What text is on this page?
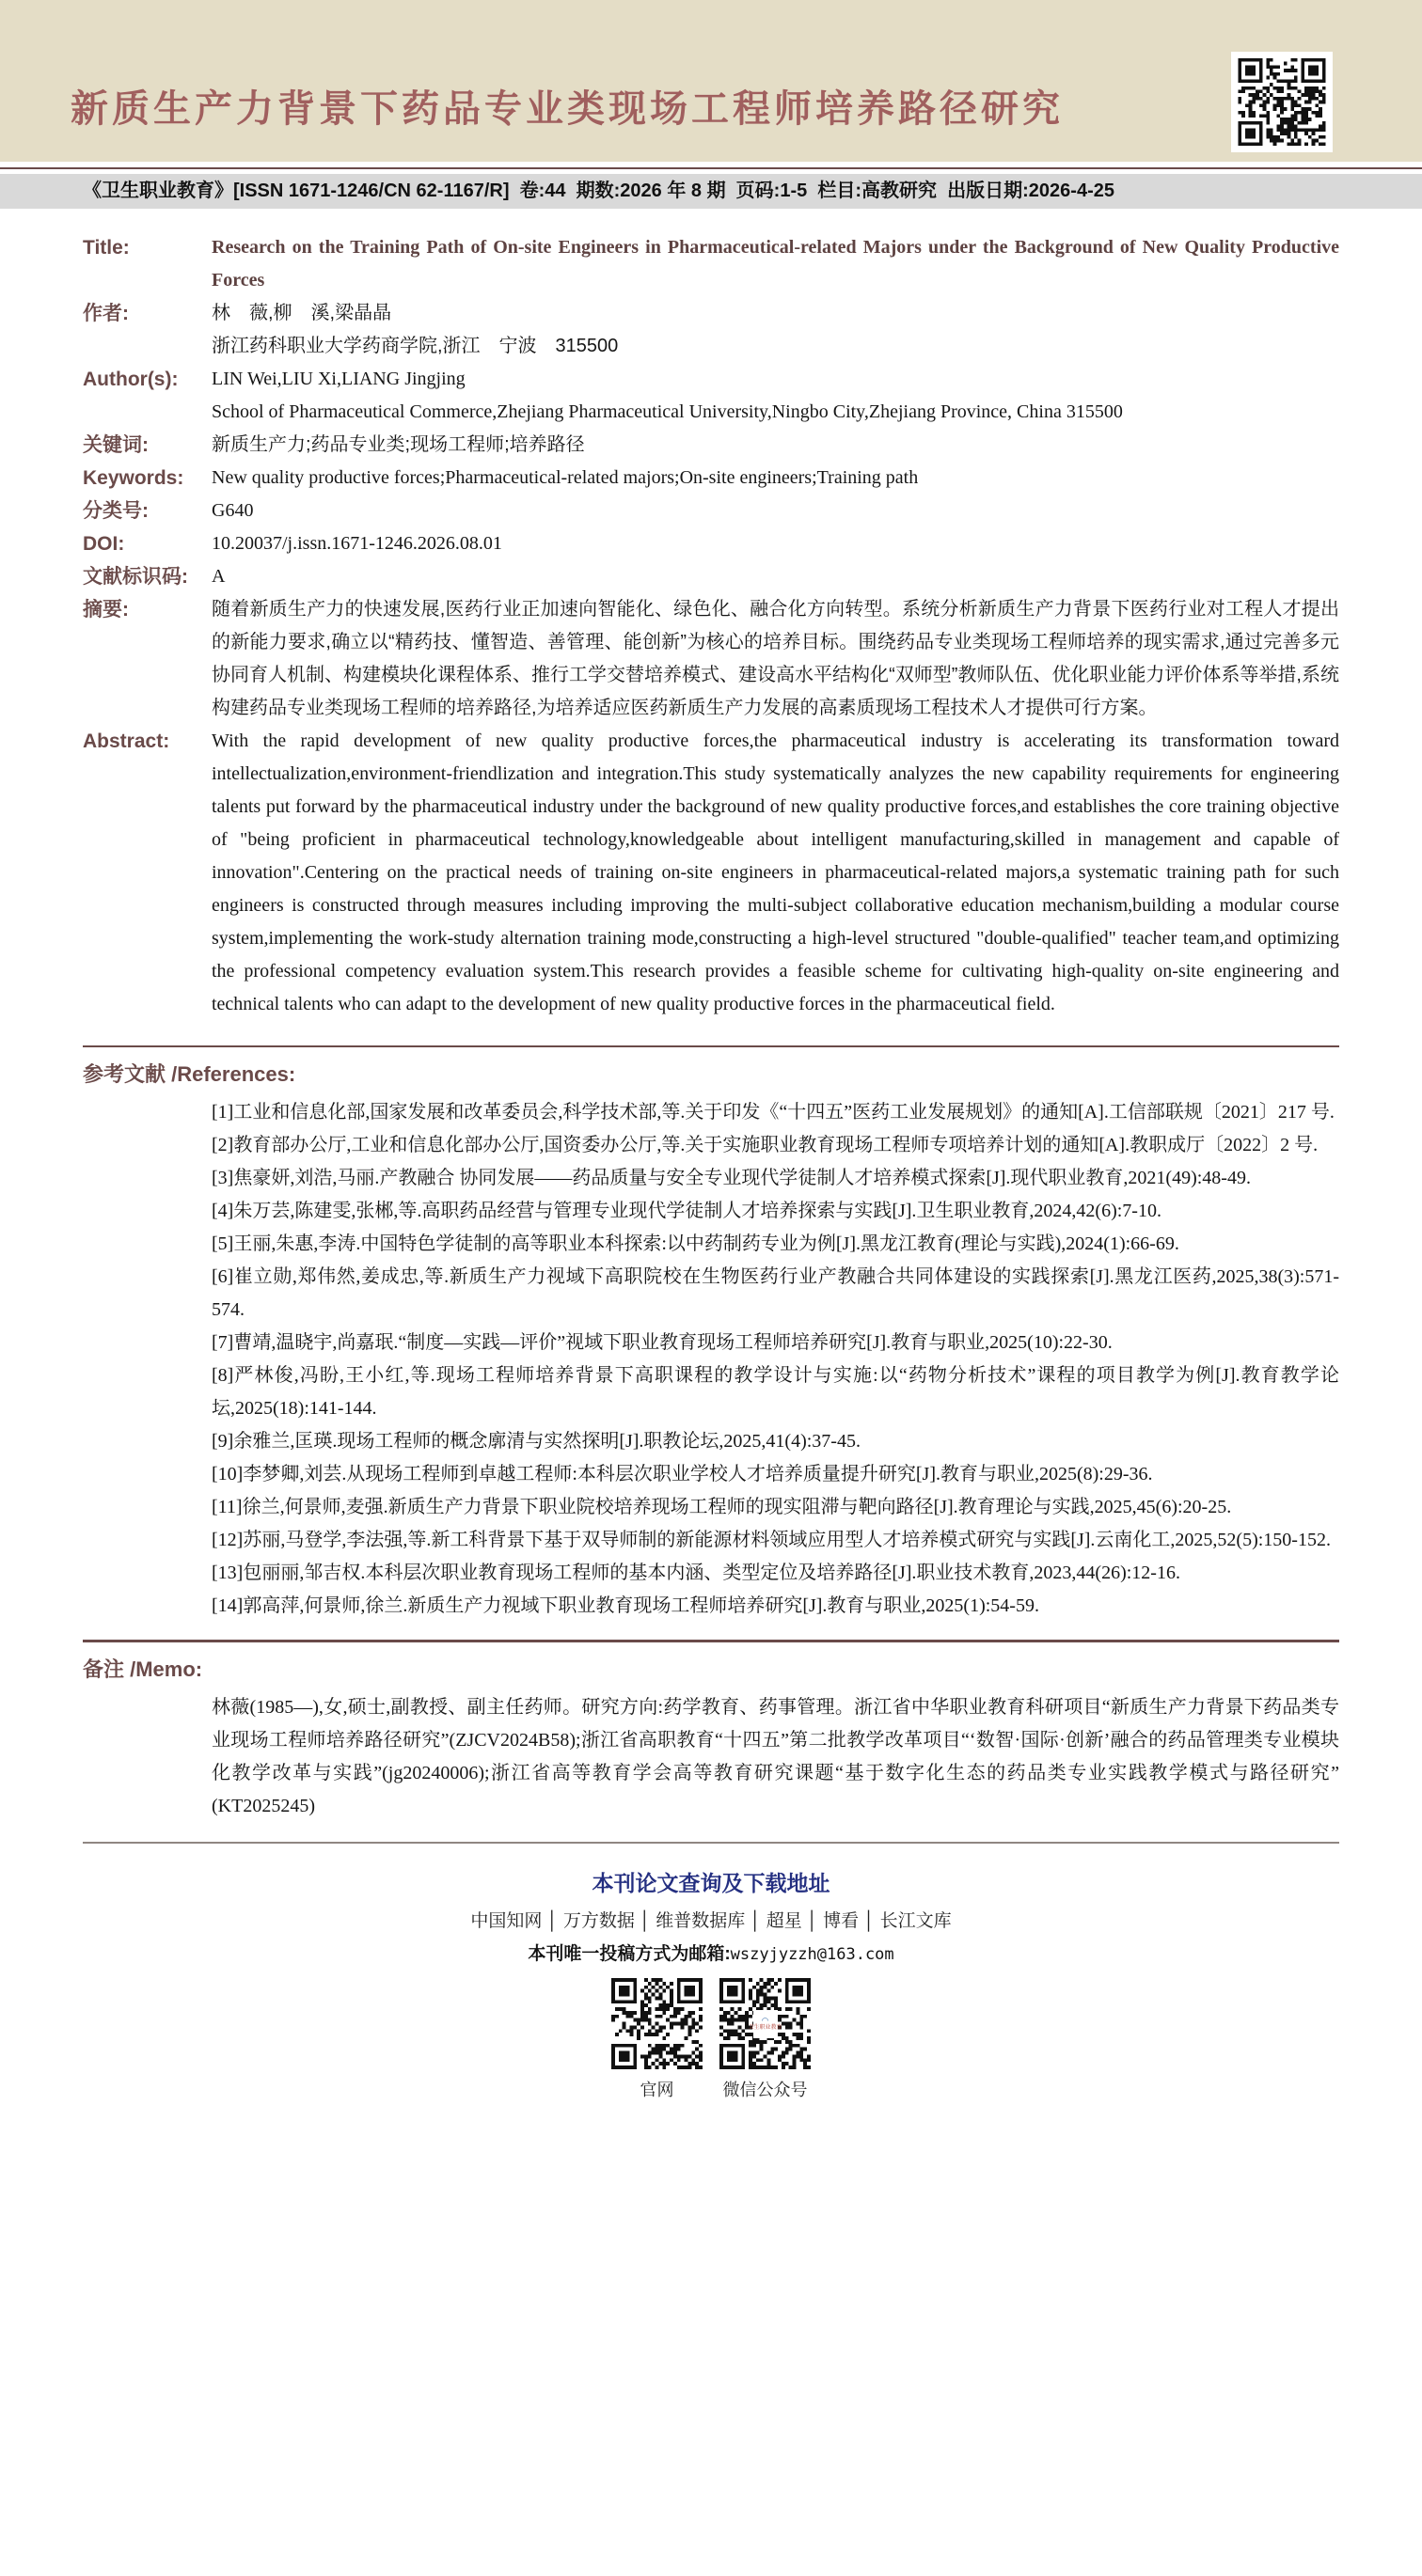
新质生产力背景下药品专业类现场工程师培养路径研究
《卫生职业教育》[ISSN 1671-1246/CN 62-1167/R]  卷:44  期数:2026 年 8 期  页码:1-5  栏目:高教研究  出版日期:2026-4-25
Title:	Research on the Training Path of On-site Engineers in Pharmaceutical-related Majors under the Background of New Quality Productive Forces
作者:	林　薇,柳　溪,梁晶晶

浙江药科职业大学药商学院,浙江　宁波　315500

Author(s):	LIN Wei,LIU Xi,LIANG Jingjing

School of Pharmaceutical Commerce,Zhejiang Pharmaceutical University,Ningbo City,Zhejiang Province, China 315500

关键词:	新质生产力;药品专业类;现场工程师;培养路径
Keywords:	New quality productive forces;Pharmaceutical-related majors;On-site engineers;Training path
分类号:	G640
DOI:	10.20037/j.issn.1671-1246.2026.08.01
文献标识码:	A
摘要:	随着新质生产力的快速发展,医药行业正加速向智能化、绿色化、融合化方向转型。系统分析新质生产力背景下医药行业对工程人才提出的新能力要求,确立以“精药技、懂智造、善管理、能创新”为核心的培养目标。围绕药品专业类现场工程师培养的现实需求,通过完善多元协同育人机制、构建模块化课程体系、推行工学交替培养模式、建设高水平结构化“双师型”教师队伍、优化职业能力评价体系等举措,系统构建药品专业类现场工程师的培养路径,为培养适应医药新质生产力发展的高素质现场工程技术人才提供可行方案。
Abstract:	With the rapid development of new quality productive forces,the pharmaceutical industry is accelerating its transformation toward intellectualization,environment-friendlization and integration.This study systematically analyzes the new capability requirements for engineering talents put forward by the pharmaceutical industry under the background of new quality productive forces,and establishes the core training objective of "being proficient in pharmaceutical technology,knowledgeable about intelligent manufacturing,skilled in management and capable of innovation".Centering on the practical needs of training on-site engineers in pharmaceutical-related majors,a systematic training path for such engineers is constructed through measures including improving the multi-subject collaborative education mechanism,building a modular course system,implementing the work-study alternation training mode,constructing a high-level structured "double-qualified" teacher team,and optimizing the professional competency evaluation system.This research provides a feasible scheme for cultivating high-quality on-site engineering and technical talents who can adapt to the development of new quality productive forces in the pharmaceutical field.
参考文献 /References:

[1]工业和信息化部,国家发展和改革委员会,科学技术部,等.关于印发《“十四五”医药工业发展规划》的通知[A].工信部联规〔2021〕217 号.

[2]教育部办公厅,工业和信息化部办公厅,国资委办公厅,等.关于实施职业教育现场工程师专项培养计划的通知[A].教职成厅〔2022〕2 号.

[3]焦豪妍,刘浩,马丽.产教融合 协同发展——药品质量与安全专业现代学徒制人才培养模式探索[J].现代职业教育,2021(49):48-49.

[4]朱万芸,陈建雯,张郴,等.高职药品经营与管理专业现代学徒制人才培养探索与实践[J].卫生职业教育,2024,42(6):7-10.

[5]王丽,朱惠,李涛.中国特色学徒制的高等职业本科探索:以中药制药专业为例[J].黑龙江教育(理论与实践),2024(1):66-69.

[6]崔立勋,郑伟然,姜成忠,等.新质生产力视域下高职院校在生物医药行业产教融合共同体建设的实践探索[J].黑龙江医药,2025,38(3):571-574.

[7]曹靖,温晓宇,尚嘉珉.“制度—实践—评价”视域下职业教育现场工程师培养研究[J].教育与职业,2025(10):22-30.

[8]严林俊,冯盼,王小红,等.现场工程师培养背景下高职课程的教学设计与实施:以“药物分析技术”课程的项目教学为例[J].教育教学论坛,2025(18):141-144.

[9]余雅兰,匡瑛.现场工程师的概念廓清与实然探明[J].职教论坛,2025,41(4):37-45.

[10]李梦卿,刘芸.从现场工程师到卓越工程师:本科层次职业学校人才培养质量提升研究[J].教育与职业,2025(8):29-36.

[11]徐兰,何景师,麦强.新质生产力背景下职业院校培养现场工程师的现实阻滞与靶向路径[J].教育理论与实践,2025,45(6):20-25.

[12]苏丽,马登学,李法强,等.新工科背景下基于双导师制的新能源材料领域应用型人才培养模式研究与实践[J].云南化工,2025,52(5):150-152.

[13]包丽丽,邹吉权.本科层次职业教育现场工程师的基本内涵、类型定位及培养路径[J].职业技术教育,2023,44(26):12-16.

[14]郭高萍,何景师,徐兰.新质生产力视域下职业教育现场工程师培养研究[J].教育与职业,2025(1):54-59.

备注 /Memo:
林薇(1985—),女,硕士,副教授、副主任药师。研究方向:药学教育、药事管理。浙江省中华职业教育科研项目“新质生产力背景下药品类专业现场工程师培养路径研究”(ZJCV2024B58);浙江省高职教育“十四五”第二批教学改革项目“‘数智·国际·创新’融合的药品管理类专业模块化教学改革与实践”(jg20240006);浙江省高等教育学会高等教育研究课题“基于数字化生态的药品类专业实践教学模式与路径研究”(KT2025245)
本刊论文查询及下载地址
中国知网 │ 万方数据 │ 维普数据库 │ 超星 │ 博看 │ 长江文库
本刊唯一投稿方式为邮箱:wszyjyzzh@163.com
官网
◠
卫生职业教育
微信公众号
